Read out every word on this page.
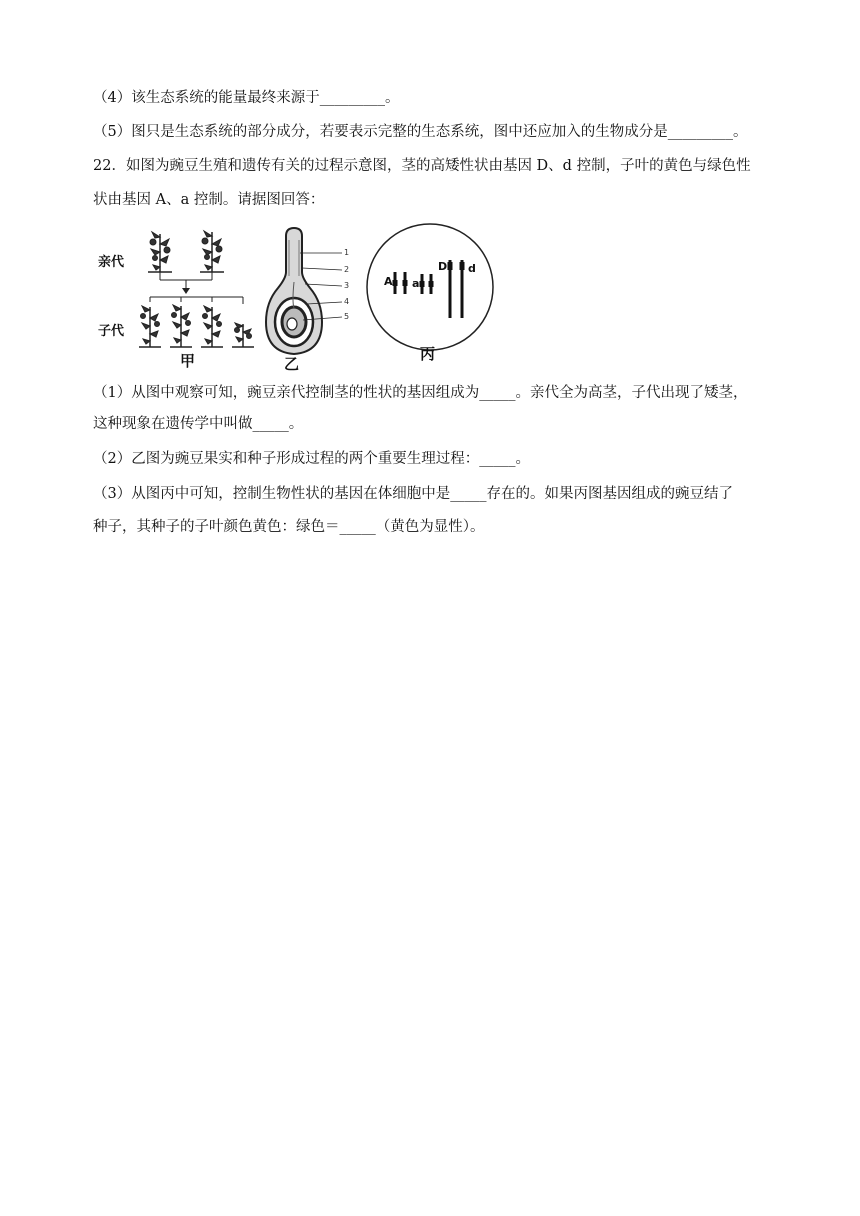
（4）该生态系统的能量最终来源于_________。
（5）图只是生态系统的部分成分，若要表示完整的生态系统，图中还应加入的生物成分是_________。
22．如图为豌豆生殖和遗传有关的过程示意图，茎的高矮性状由基因 D、d 控制，子叶的黄色与绿色性
状由基因 A、a 控制。请据图回答：
亲代
子代
甲	乙
丙
1
2
3
4
5
A a
D d
（1）从图中观察可知，豌豆亲代控制茎的性状的基因组成为_____。亲代全为高茎，子代出现了矮茎，
这种现象在遗传学中叫做_____。
（2）乙图为豌豆果实和种子形成过程的两个重要生理过程：_____。
（3）从图丙中可知，控制生物性状的基因在体细胞中是_____存在的。如果丙图基因组成的豌豆结了
种子，其种子的子叶颜色黄色：绿色＝_____（黄色为显性）。
